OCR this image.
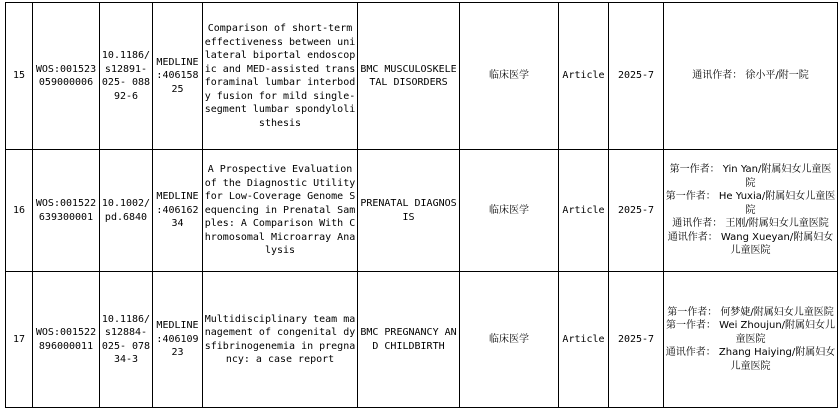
15	WOS:001523 059000006	10.1186/ s12891- 025- 08892-6	MEDLINE :406158 25	Comparison of short-term effectiveness between unilateral biportal endoscopic and MED-assisted transforaminal lumbar interbody fusion for mild single-segment lumbar spondylolisthesis	BMC MUSCULOSKELETAL DISORDERS	临床医学	Article	2025-7	通讯作者： 徐小平/附一院

16	WOS:001522 639300001	10.1002/ pd.6840	MEDLINE :406162 34	A Prospective Evaluation of the Diagnostic Utility for Low-Coverage Genome Sequencing in Prenatal Samples: A Comparison With Chromosomal Microarray Analysis	PRENATAL DIAGNOSIS	临床医学	Article	2025-7	第一作者： Yin Yan/附属妇女儿童医院
第一作者： He Yuxia/附属妇女儿童医院
通讯作者： 王刚/附属妇女儿童医院
通讯作者： Wang Xueyan/附属妇女儿童医院

17	WOS:001522 896000011	10.1186/ s12884- 025- 07834-3	MEDLINE :406109 23	Multidisciplinary team management of congenital dysfibrinogenemia in pregnancy: a case report	BMC PREGNANCY AND CHILDBIRTH	临床医学	Article	2025-7	第一作者： 何梦婕/附属妇女儿童医院
第一作者： Wei Zhoujun/附属妇女儿童医院
通讯作者： Zhang Haiying/附属妇女儿童医院
